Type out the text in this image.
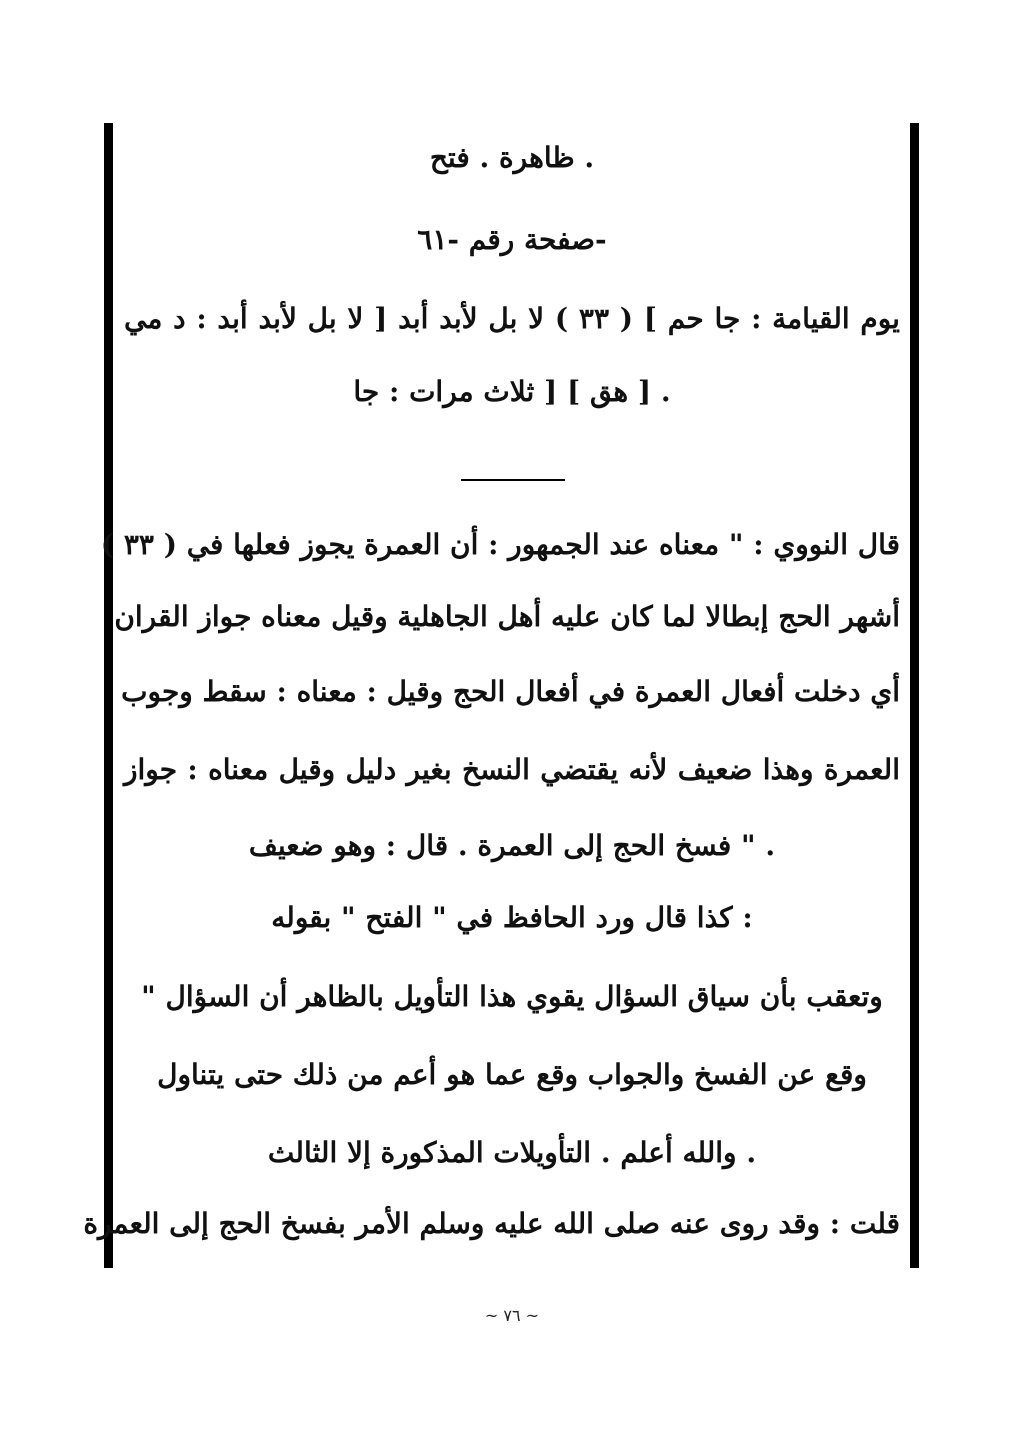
. ظاهرة . فتح
-صفحة رقم -٦١
يوم القيامة : جا حم ] ( ٣٣ ) لا بل لأبد أبد [ لا بل لأبد أبد : د مي
. [ هق ] [ ثلاث مرات : جا
قال النووي : " معناه عند الجمهور : أن العمرة يجوز فعلها في ( ٣٣ )
أشهر الحج إبطالا لما كان عليه أهل الجاهلية وقيل معناه جواز القران
أي دخلت أفعال العمرة في أفعال الحج وقيل : معناه : سقط وجوب
العمرة وهذا ضعيف لأنه يقتضي النسخ بغير دليل وقيل معناه : جواز
. " فسخ الحج إلى العمرة . قال : وهو ضعيف
: كذا قال ورد الحافظ في " الفتح " بقوله
وتعقب بأن سياق السؤال يقوي هذا التأويل بالظاهر أن السؤال "
وقع عن الفسخ والجواب وقع عما هو أعم من ذلك حتى يتناول
. والله أعلم . التأويلات المذكورة إلا الثالث
قلت : وقد روى عنه صلى الله عليه وسلم الأمر بفسخ الحج إلى العمرة
~ ٧٦ ~
